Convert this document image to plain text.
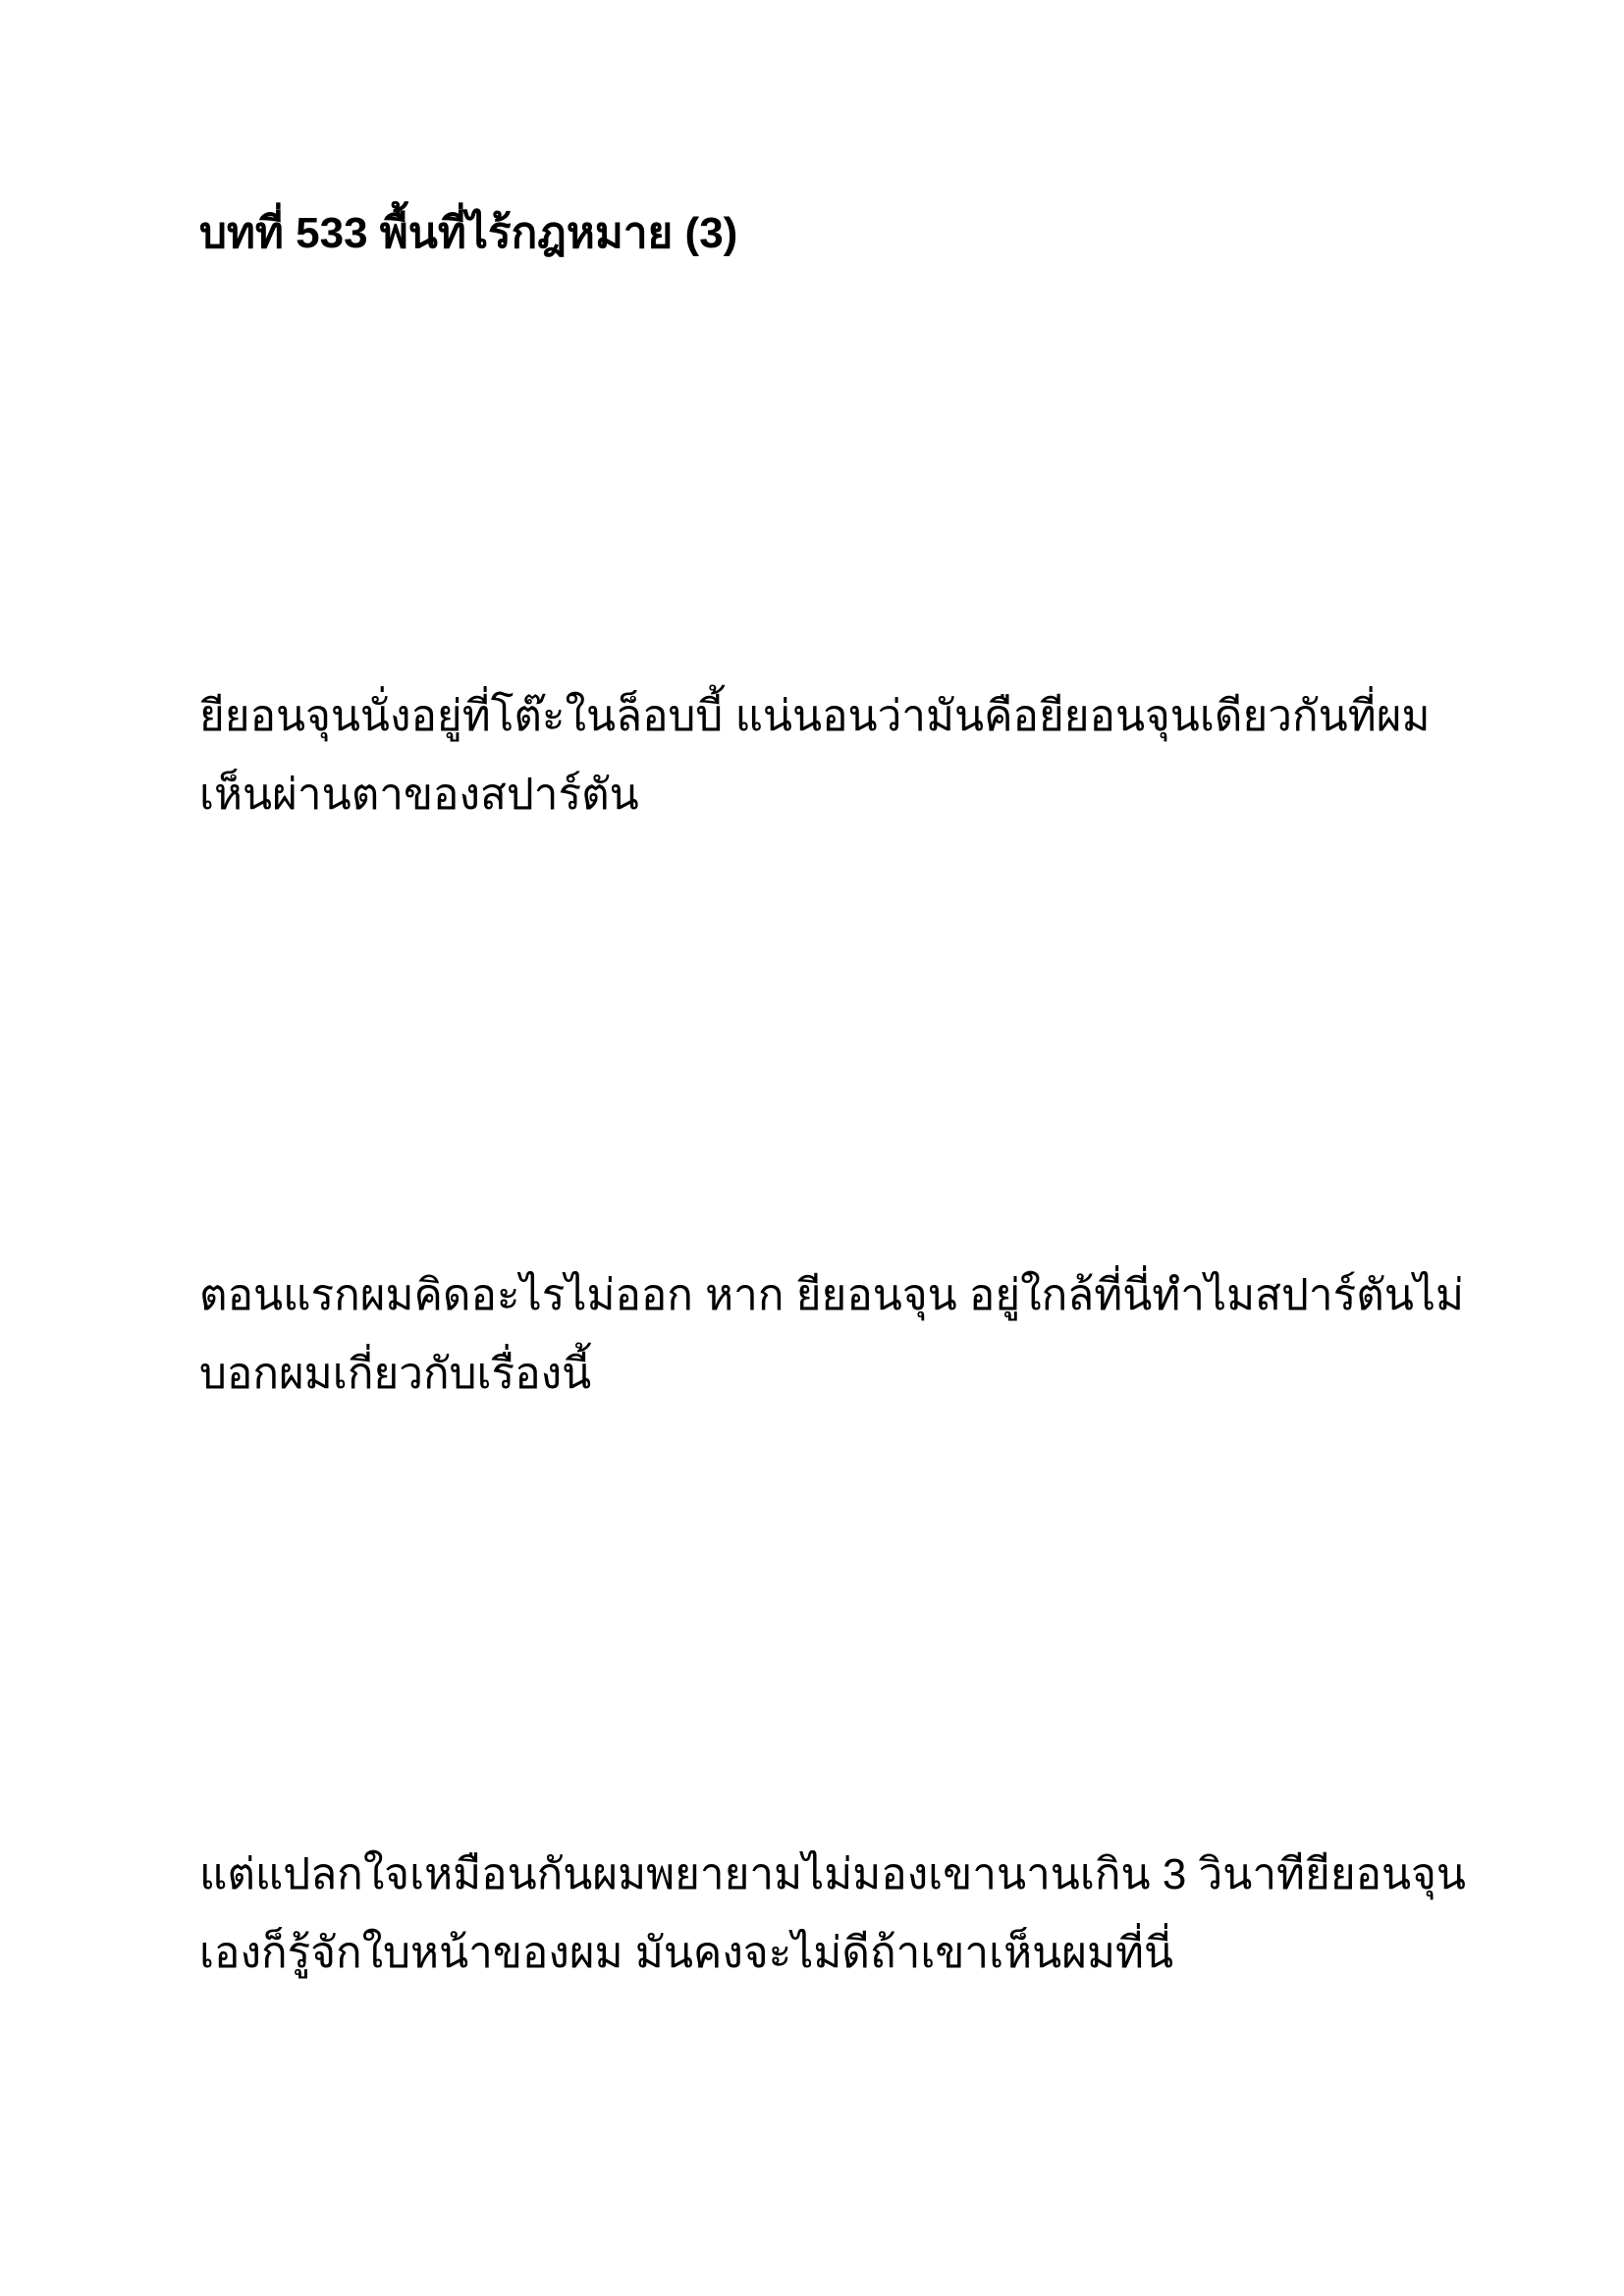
บทที่ 533 พื้นที่ไร้กฎหมาย (3)

ยียอนจุนนั่งอยู่ที่โต๊ะในล็อบบี้ แน่นอนว่ามันคือยียอนจุนเดียวกันที่ผม
เห็นผ่านตาของสปาร์ตัน

ตอนแรกผมคิดอะไรไม่ออก หาก ยียอนจุน อยู่ใกล้ที่นี่ทำไมสปาร์ตันไม่
บอกผมเกี่ยวกับเรื่องนี้

แต่แปลกใจเหมือนกันผมพยายามไม่มองเขานานเกิน 3 วินาทียียอนจุน
เองก็รู้จักใบหน้าของผม มันคงจะไม่ดีถ้าเขาเห็นผมที่นี่
